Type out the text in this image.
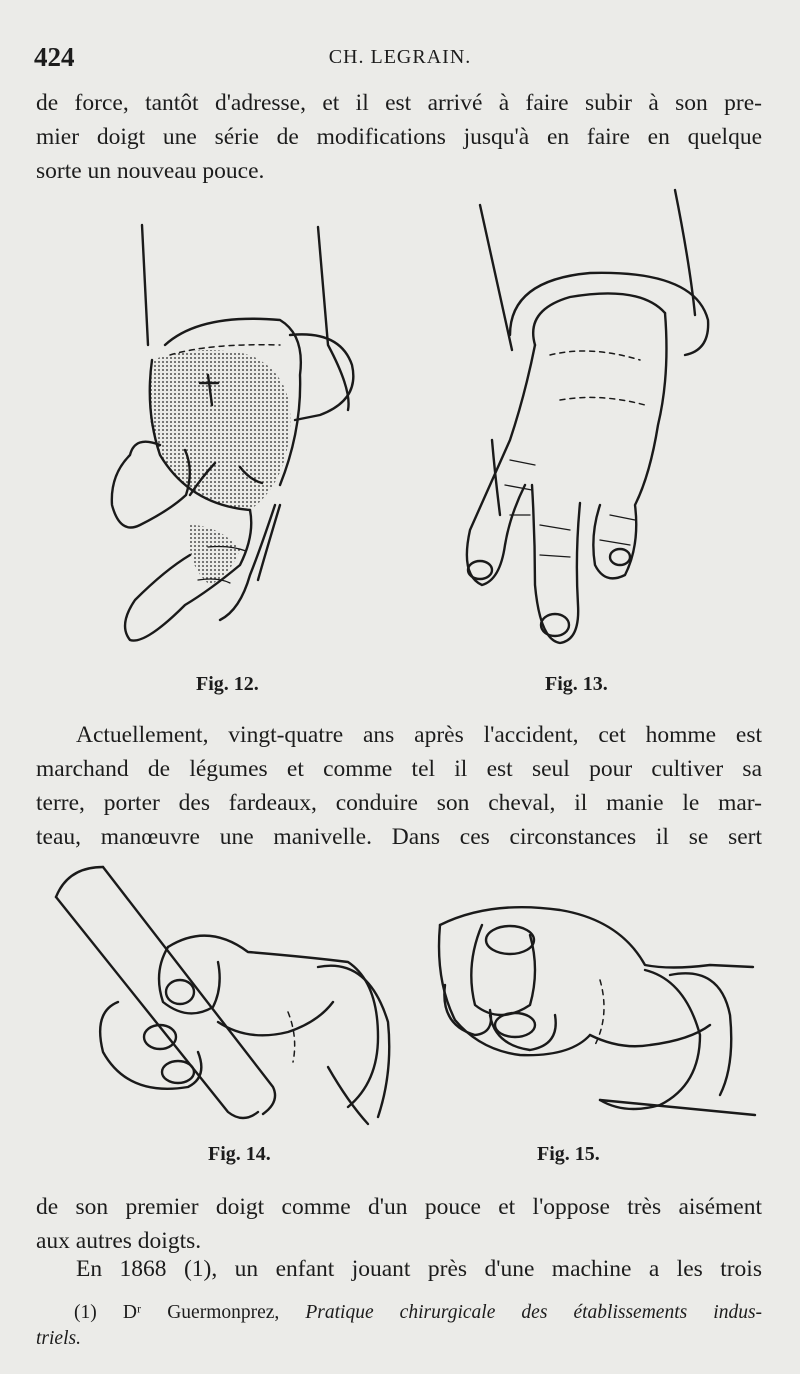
424	CH. LEGRAIN.
de force, tantôt d'adresse, et il est arrivé à faire subir à son pre-
mier doigt une série de modifications jusqu'à en faire en quelque
sorte un nouveau pouce.
Fig. 12.	Fig. 13.
Actuellement, vingt-quatre ans après l'accident, cet homme est
marchand de légumes et comme tel il est seul pour cultiver sa
terre, porter des fardeaux, conduire son cheval, il manie le mar-
teau, manœuvre une manivelle. Dans ces circonstances il se sert
Fig. 14.	Fig. 15.
de son premier doigt comme d'un pouce et l'oppose très aisément
aux autres doigts.
En 1868 (1), un enfant jouant près d'une machine a les trois
(1) Dʳ Guermonprez, Pratique chirurgicale des établissements indus-
triels.
